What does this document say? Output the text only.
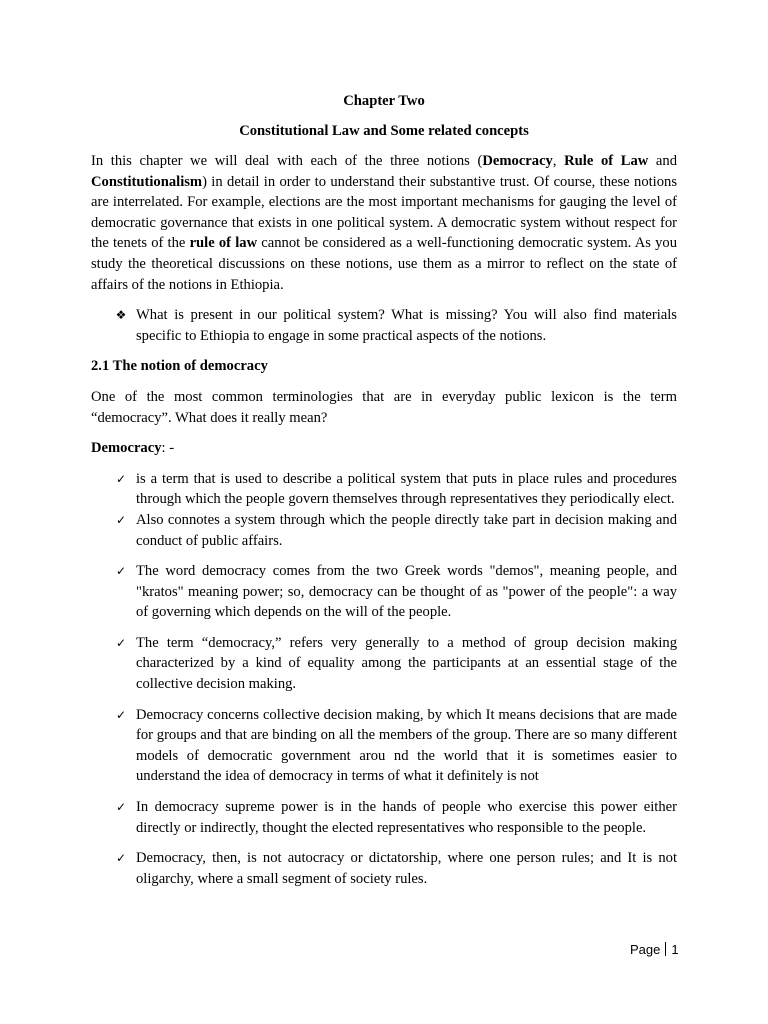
Chapter Two

Constitutional Law and Some related concepts

In this chapter we will deal with each of the three notions (Democracy, Rule of Law and Constitutionalism) in detail in order to understand their substantive trust. Of course, these notions are interrelated. For example, elections are the most important mechanisms for gauging the level of democratic governance that exists in one political system. A democratic system without respect for the tenets of the rule of law cannot be considered as a well-functioning democratic system. As you study the theoretical discussions on these notions, use them as a mirror to reflect on the state of affairs of the notions in Ethiopia.

❖ What is present in our political system? What is missing? You will also find materials specific to Ethiopia to engage in some practical aspects of the notions.

2.1 The notion of democracy

One of the most common terminologies that are in everyday public lexicon is the term “democracy”. What does it really mean?

Democracy: -

✓ is a term that is used to describe a political system that puts in place rules and procedures through which the people govern themselves through representatives they periodically elect.
✓ Also connotes a system through which the people directly take part in decision making and conduct of public affairs.
✓ The word democracy comes from the two Greek words "demos", meaning people, and "kratos" meaning power; so, democracy can be thought of as "power of the people": a way of governing which depends on the will of the people.
✓ The term “democracy,” refers very generally to a method of group decision making characterized by a kind of equality among the participants at an essential stage of the collective decision making.
✓ Democracy concerns collective decision making, by which It means decisions that are made for groups and that are binding on all the members of the group. There are so many different models of democratic government arou nd the world that it is sometimes easier to understand the idea of democracy in terms of what it definitely is not
✓ In democracy supreme power is in the hands of people who exercise this power either directly or indirectly, thought the elected representatives who responsible to the people.
✓ Democracy, then, is not autocracy or dictatorship, where one person rules; and It is not oligarchy, where a small segment of society rules.
Page 1
